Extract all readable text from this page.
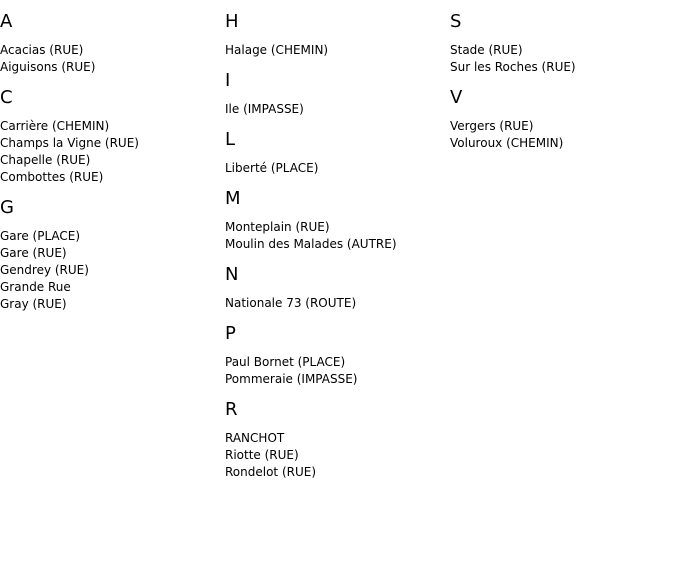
A
Acacias (RUE)
Aiguisons (RUE)
C
Carrière (CHEMIN)
Champs la Vigne (RUE)
Chapelle (RUE)
Combottes (RUE)
G
Gare (PLACE)
Gare (RUE)
Gendrey (RUE)
Grande Rue
Gray (RUE)
H
Halage (CHEMIN)
I
Ile (IMPASSE)
L
Liberté (PLACE)
M
Monteplain (RUE)
Moulin des Malades (AUTRE)
N
Nationale 73 (ROUTE)
P
Paul Bornet (PLACE)
Pommeraie (IMPASSE)
R
RANCHOT
Riotte (RUE)
Rondelot (RUE)
S
Stade (RUE)
Sur les Roches (RUE)
V
Vergers (RUE)
Voluroux (CHEMIN)
